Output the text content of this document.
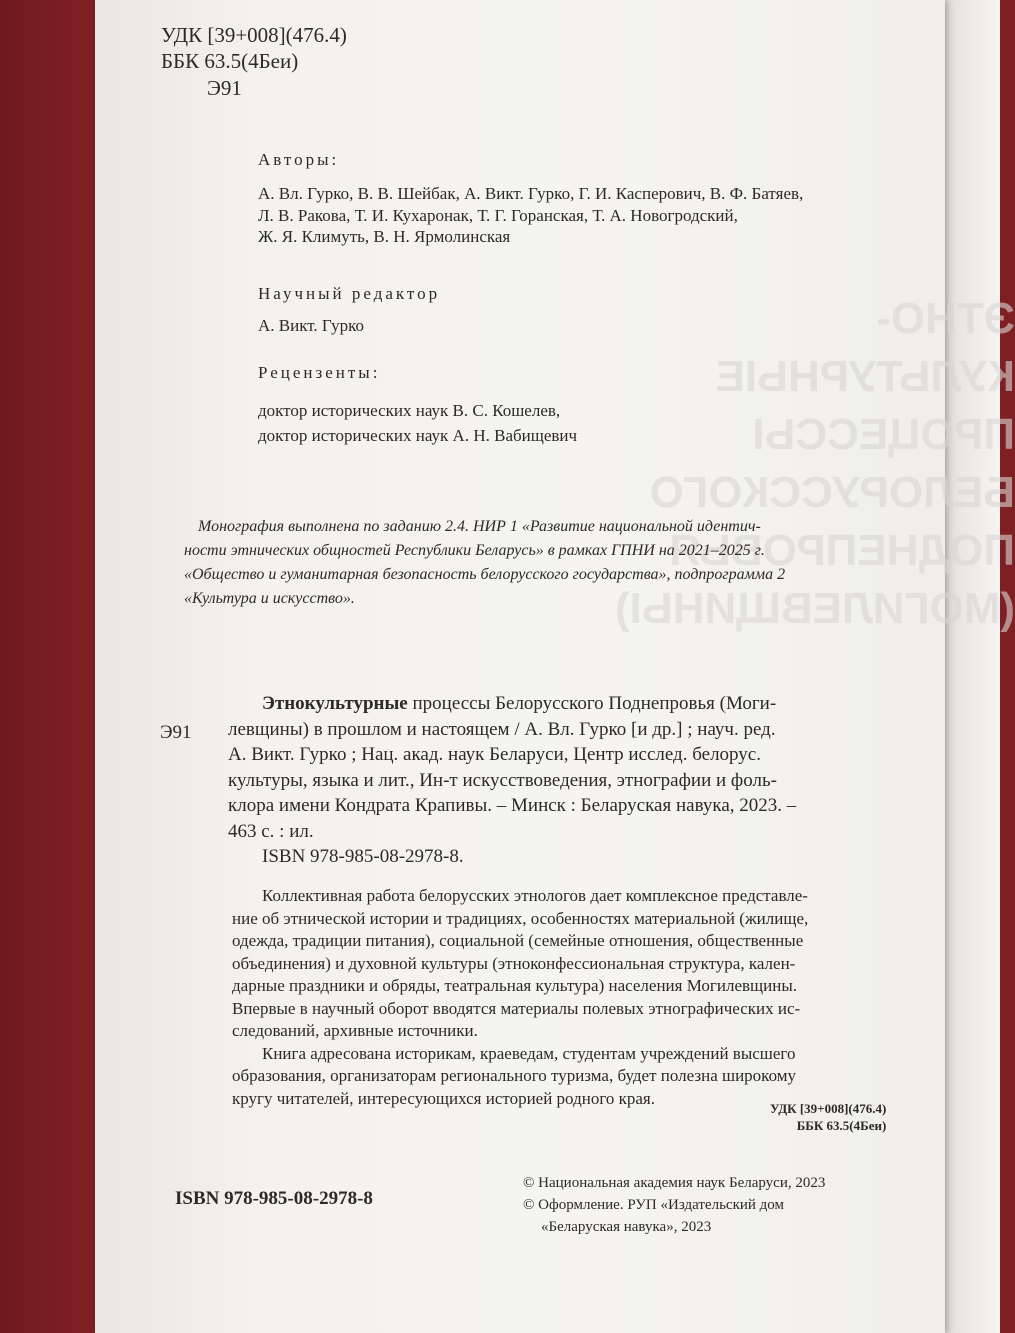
ЭТНО-
КУЛЬТУРНЫЕ
ПРОЦЕССЫ
БЕЛОРУССКОГО
ПОДНЕПРОВЬЯ
(МОГИЛЕВЩИНЫ)
УДК [39+008](476.4)
ББК 63.5(4Беи)
Э91
Авторы:
А. Вл. Гурко, В. В. Шейбак, А. Викт. Гурко, Г. И. Касперович, В. Ф. Батяев,
Л. В. Ракова, Т. И. Кухаронак, Т. Г. Горанская, Т. А. Новогродский,
Ж. Я. Климуть, В. Н. Ярмолинская
Научный редактор
А. Викт. Гурко
Рецензенты:
доктор исторических наук В. С. Кошелев,
доктор исторических наук А. Н. Вабищевич
Монография выполнена по заданию 2.4. НИР 1 «Развитие национальной идентич-
ности этнических общностей Республики Беларусь» в рамках ГПНИ на 2021–2025 г.
«Общество и гуманитарная безопасность белорусского государства», подпрограмма 2
«Культура и искусство».
Э91
Этнокультурные процессы Белорусского Поднепровья (Моги-
левщины) в прошлом и настоящем / А. Вл. Гурко [и др.] ; науч. ред.
А. Викт. Гурко ; Нац. акад. наук Беларуси, Центр исслед. белорус.
культуры, языка и лит., Ин-т искусствоведения, этнографии и фоль-
клора имени Кондрата Крапивы. – Минск : Беларуская навука, 2023. –
463 с. : ил.
ISBN 978-985-08-2978-8.
Коллективная работа белорусских этнологов дает комплексное представле-
ние об этнической истории и традициях, особенностях материальной (жилище,
одежда, традиции питания), социальной (семейные отношения, общественные
объединения) и духовной культуры (этноконфессиональная структура, кален-
дарные праздники и обряды, театральная культура) населения Могилевщины.
Впервые в научный оборот вводятся материалы полевых этнографических ис-
следований, архивные источники.
Книга адресована историкам, краеведам, студентам учреждений высшего
образования, организаторам регионального туризма, будет полезна широкому
кругу читателей, интересующихся историей родного края.
УДК [39+008](476.4)
ББК 63.5(4Беи)
ISBN 978-985-08-2978-8
© Национальная академия наук Беларуси, 2023
© Оформление. РУП «Издательский дом
«Беларуская навука», 2023
